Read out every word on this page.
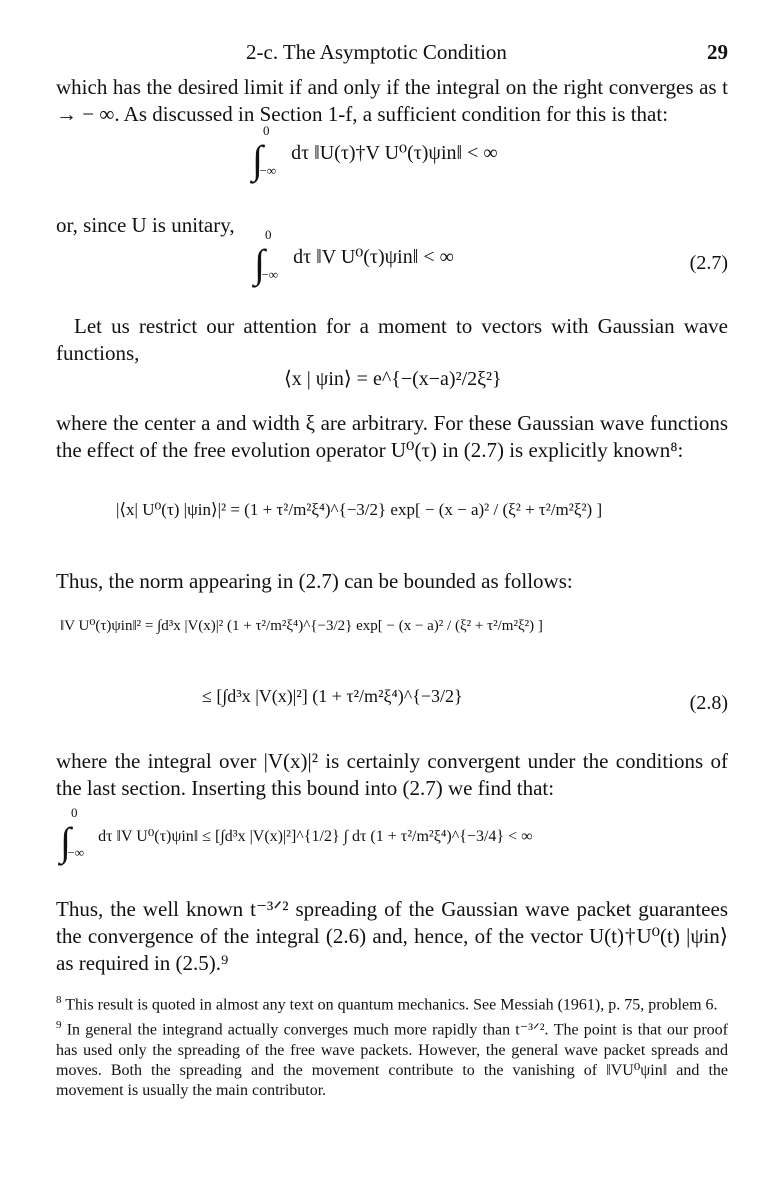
2-c. The Asymptotic Condition	29
which has the desired limit if and only if the integral on the right converges as t → − ∞. As discussed in Section 1-f, a sufficient condition for this is that:
∫$^0_{-\infty}$ dτ ‖U(τ)†V U⁰(τ)ψin‖ < ∞
or, since U is unitary,
∫$^0_{-\infty}$ dτ ‖V U⁰(τ)ψin‖ < ∞	(2.7)
Let us restrict our attention for a moment to vectors with Gaussian wave functions,
⟨x | ψin⟩ = e^{−(x−a)²/2ξ²}
where the center a and width ξ are arbitrary. For these Gaussian wave functions the effect of the free evolution operator U⁰(τ) in (2.7) is explicitly known⁸:
|⟨x| U⁰(τ) |ψin⟩|² = (1 + τ²/m²ξ⁴)^{−3/2} exp[ − (x − a)² / (ξ² + τ²/m²ξ²) ]
Thus, the norm appearing in (2.7) can be bounded as follows:
‖V U⁰(τ)ψin‖² = ∫d³x |V(x)|² (1 + τ²/m²ξ⁴)^{−3/2} exp[ − (x − a)² / (ξ² + τ²/m²ξ²) ]
≤ [∫d³x |V(x)|²] (1 + τ²/m²ξ⁴)^{−3/2}	(2.8)
where the integral over |V(x)|² is certainly convergent under the conditions of the last section. Inserting this bound into (2.7) we find that:
∫$^0_{-\infty}$ dτ ‖V U⁰(τ)ψin‖ ≤ [∫d³x |V(x)|²]^{1/2} ∫ dτ (1 + τ²/m²ξ⁴)^{−3/4} < ∞
Thus, the well known t⁻³ᐟ² spreading of the Gaussian wave packet guarantees the convergence of the integral (2.6) and, hence, of the vector U(t)†U⁰(t) |ψin⟩ as required in (2.5).⁹

$^8$ This result is quoted in almost any text on quantum mechanics. See Messiah (1961), p. 75, problem 6.

$^9$ In general the integrand actually converges much more rapidly than t⁻³ᐟ². The point is that our proof has used only the spreading of the free wave packets. However, the general wave packet spreads and moves. Both the spreading and the movement contribute to the vanishing of ‖VU⁰ψin‖ and the movement is usually the main contributor.
